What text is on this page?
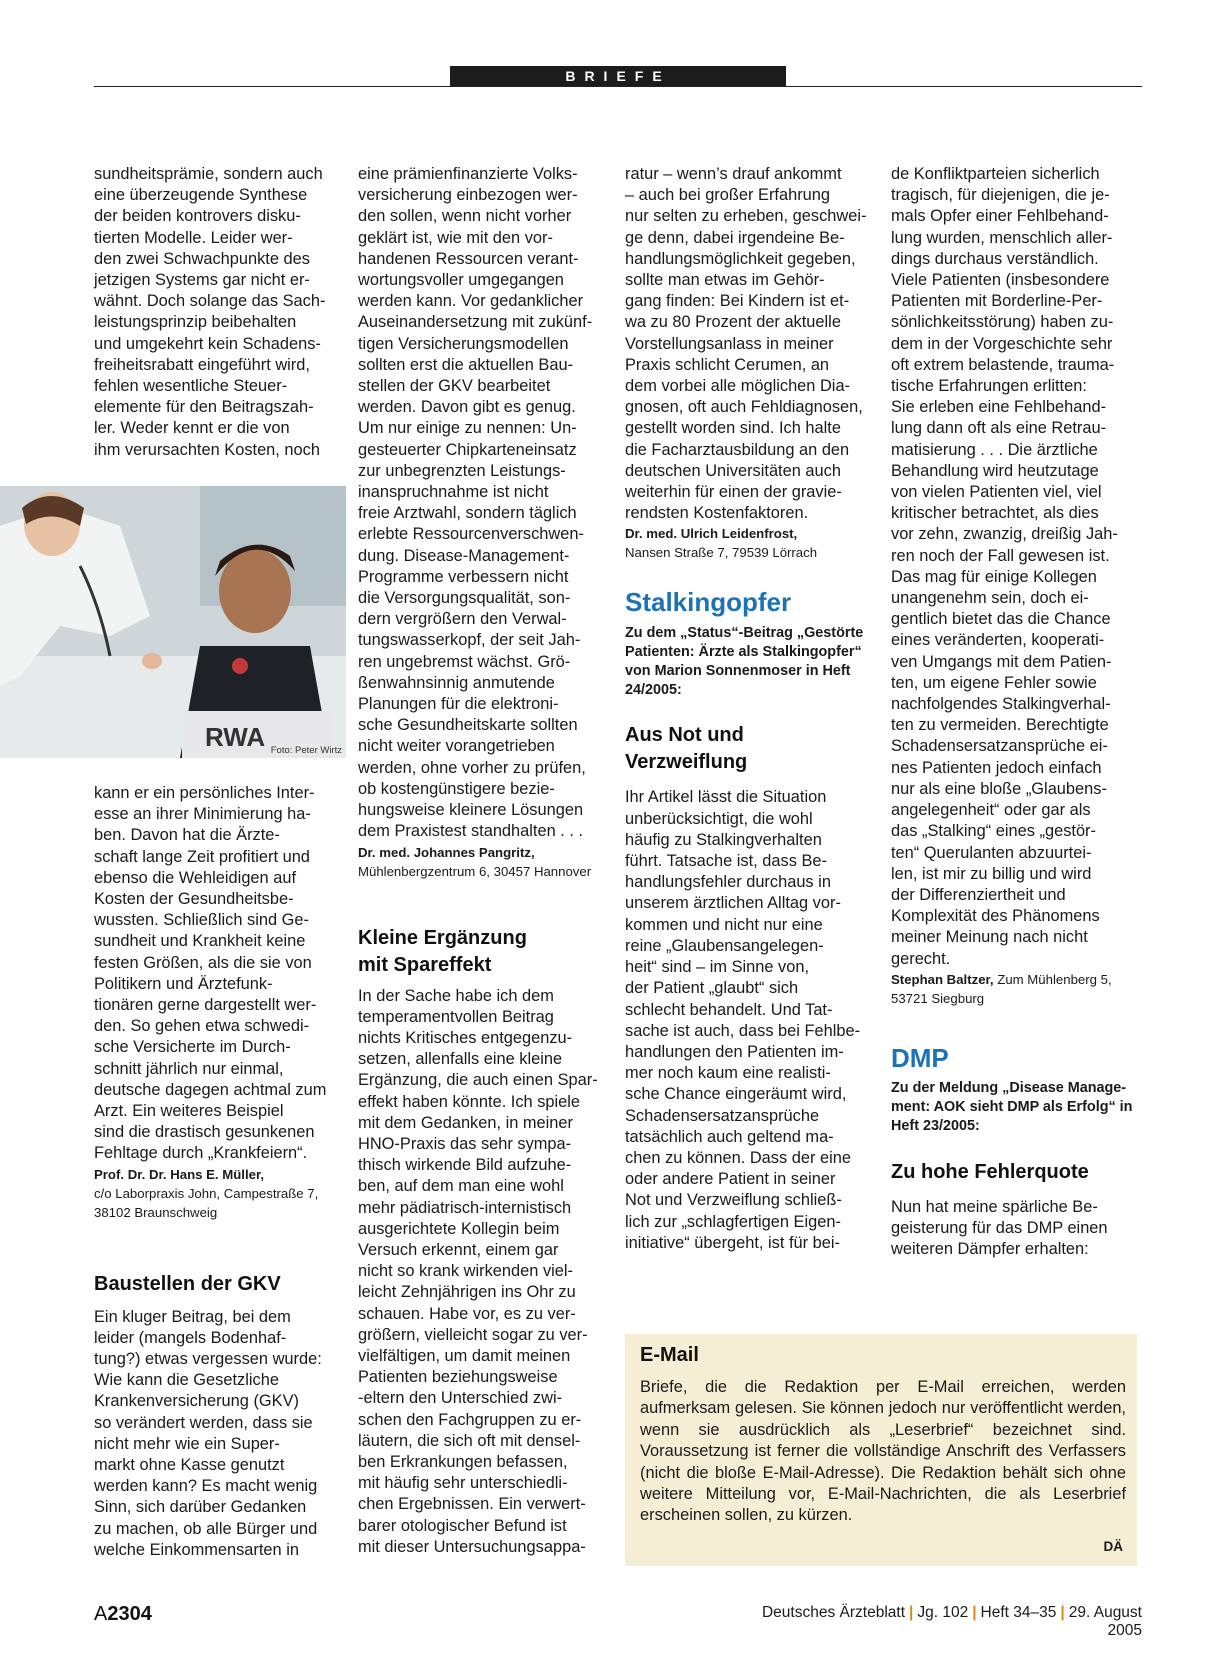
BRIEFE
sundheitsprämie, sondern auch
eine überzeugende Synthese
der beiden kontrovers disku-
tierten Modelle. Leider wer-
den zwei Schwachpunkte des
jetzigen Systems gar nicht er-
wähnt. Doch solange das Sach-
leistungsprinzip beibehalten
und umgekehrt kein Schadens-
freiheitsrabatt eingeführt wird,
fehlen wesentliche Steuer-
elemente für den Beitragszah-
ler. Weder kennt er die von
ihm verursachten Kosten, noch
RWA Foto: Peter Wirtz
kann er ein persönliches Inter-
esse an ihrer Minimierung ha-
ben. Davon hat die Ärzte-
schaft lange Zeit profitiert und
ebenso die Wehleidigen auf
Kosten der Gesundheitsbe-
wussten. Schließlich sind Ge-
sundheit und Krankheit keine
festen Größen, als die sie von
Politikern und Ärztefunk-
tionären gerne dargestellt wer-
den. So gehen etwa schwedi-
sche Versicherte im Durch-
schnitt jährlich nur einmal,
deutsche dagegen achtmal zum
Arzt. Ein weiteres Beispiel
sind die drastisch gesunkenen
Fehltage durch „Krankfeiern“.
Prof. Dr. Dr. Hans E. Müller,
c/o Laborpraxis John, Campestraße 7,
38102 Braunschweig
Baustellen der GKV
Ein kluger Beitrag, bei dem
leider (mangels Bodenhaf-
tung?) etwas vergessen wurde:
Wie kann die Gesetzliche
Krankenversicherung (GKV)
so verändert werden, dass sie
nicht mehr wie ein Super-
markt ohne Kasse genutzt
werden kann? Es macht wenig
Sinn, sich darüber Gedanken
zu machen, ob alle Bürger und
welche Einkommensarten in
eine prämienfinanzierte Volks-
versicherung einbezogen wer-
den sollen, wenn nicht vorher
geklärt ist, wie mit den vor-
handenen Ressourcen verant-
wortungsvoller umgegangen
werden kann. Vor gedanklicher
Auseinandersetzung mit zukünf-
tigen Versicherungsmodellen
sollten erst die aktuellen Bau-
stellen der GKV bearbeitet
werden. Davon gibt es genug.
Um nur einige zu nennen: Un-
gesteuerter Chipkarteneinsatz
zur unbegrenzten Leistungs-
inanspruchnahme ist nicht
freie Arztwahl, sondern täglich
erlebte Ressourcenverschwen-
dung. Disease-Management-
Programme verbessern nicht
die Versorgungsqualität, son-
dern vergrößern den Verwal-
tungswasserkopf, der seit Jah-
ren ungebremst wächst. Grö-
ßenwahnsinnig anmutende
Planungen für die elektroni-
sche Gesundheitskarte sollten
nicht weiter vorangetrieben
werden, ohne vorher zu prüfen,
ob kostengünstigere bezie-
hungsweise kleinere Lösungen
dem Praxistest standhalten . . .
Dr. med. Johannes Pangritz,
Mühlenbergzentrum 6, 30457 Hannover
Kleine Ergänzung
mit Spareffekt
In der Sache habe ich dem
temperamentvollen Beitrag
nichts Kritisches entgegenzu-
setzen, allenfalls eine kleine
Ergänzung, die auch einen Spar-
effekt haben könnte. Ich spiele
mit dem Gedanken, in meiner
HNO-Praxis das sehr sympa-
thisch wirkende Bild aufzuhe-
ben, auf dem man eine wohl
mehr pädiatrisch-internistisch
ausgerichtete Kollegin beim
Versuch erkennt, einem gar
nicht so krank wirkenden viel-
leicht Zehnjährigen ins Ohr zu
schauen. Habe vor, es zu ver-
größern, vielleicht sogar zu ver-
vielfältigen, um damit meinen
Patienten beziehungsweise
-eltern den Unterschied zwi-
schen den Fachgruppen zu er-
läutern, die sich oft mit densel-
ben Erkrankungen befassen,
mit häufig sehr unterschiedli-
chen Ergebnissen. Ein verwert-
barer otologischer Befund ist
mit dieser Untersuchungsappa-
ratur – wenn’s drauf ankommt
– auch bei großer Erfahrung
nur selten zu erheben, geschwei-
ge denn, dabei irgendeine Be-
handlungsmöglichkeit gegeben,
sollte man etwas im Gehör-
gang finden: Bei Kindern ist et-
wa zu 80 Prozent der aktuelle
Vorstellungsanlass in meiner
Praxis schlicht Cerumen, an
dem vorbei alle möglichen Dia-
gnosen, oft auch Fehldiagnosen,
gestellt worden sind. Ich halte
die Facharztausbildung an den
deutschen Universitäten auch
weiterhin für einen der gravie-
rendsten Kostenfaktoren.
Dr. med. Ulrich Leidenfrost,
Nansen Straße 7, 79539 Lörrach
Stalkingopfer
Zu dem „Status“-Beitrag „Gestörte
Patienten: Ärzte als Stalkingopfer“
von Marion Sonnenmoser in Heft
24/2005:
Aus Not und
Verzweiflung
Ihr Artikel lässt die Situation
unberücksichtigt, die wohl
häufig zu Stalkingverhalten
führt. Tatsache ist, dass Be-
handlungsfehler durchaus in
unserem ärztlichen Alltag vor-
kommen und nicht nur eine
reine „Glaubensangelegen-
heit“ sind – im Sinne von,
der Patient „glaubt“ sich
schlecht behandelt. Und Tat-
sache ist auch, dass bei Fehlbe-
handlungen den Patienten im-
mer noch kaum eine realisti-
sche Chance eingeräumt wird,
Schadensersatzansprüche
tatsächlich auch geltend ma-
chen zu können. Dass der eine
oder andere Patient in seiner
Not und Verzweiflung schließ-
lich zur „schlagfertigen Eigen-
initiative“ übergeht, ist für bei-
de Konfliktparteien sicherlich
tragisch, für diejenigen, die je-
mals Opfer einer Fehlbehand-
lung wurden, menschlich aller-
dings durchaus verständlich.
Viele Patienten (insbesondere
Patienten mit Borderline-Per-
sönlichkeitsstörung) haben zu-
dem in der Vorgeschichte sehr
oft extrem belastende, trauma-
tische Erfahrungen erlitten:
Sie erleben eine Fehlbehand-
lung dann oft als eine Retrau-
matisierung . . . Die ärztliche
Behandlung wird heutzutage
von vielen Patienten viel, viel
kritischer betrachtet, als dies
vor zehn, zwanzig, dreißig Jah-
ren noch der Fall gewesen ist.
Das mag für einige Kollegen
unangenehm sein, doch ei-
gentlich bietet das die Chance
eines veränderten, kooperati-
ven Umgangs mit dem Patien-
ten, um eigene Fehler sowie
nachfolgendes Stalkingverhal-
ten zu vermeiden. Berechtigte
Schadensersatzansprüche ei-
nes Patienten jedoch einfach
nur als eine bloße „Glaubens-
angelegenheit“ oder gar als
das „Stalking“ eines „gestör-
ten“ Querulanten abzuurtei-
len, ist mir zu billig und wird
der Differenziertheit und
Komplexität des Phänomens
meiner Meinung nach nicht
gerecht.
Stephan Baltzer, Zum Mühlenberg 5,
53721 Siegburg
DMP
Zu der Meldung „Disease Manage-
ment: AOK sieht DMP als Erfolg“ in
Heft 23/2005:
Zu hohe Fehlerquote
Nun hat meine spärliche Be-
geisterung für das DMP einen
weiteren Dämpfer erhalten:
E-Mail
Briefe, die die Redaktion per E-Mail erreichen, werden aufmerksam gelesen. Sie können jedoch nur veröffentlicht werden, wenn sie ausdrücklich als „Leserbrief“ bezeichnet sind. Voraussetzung ist ferner die vollständige Anschrift des Verfassers (nicht die bloße E-Mail-Adresse). Die Redaktion behält sich ohne weitere Mitteilung vor, E-Mail-Nachrichten, die als Leserbrief erscheinen sollen, zu kürzen.
DÄ
A2304	Deutsches Ärzteblatt | Jg. 102 | Heft 34–35 | 29. August 2005
